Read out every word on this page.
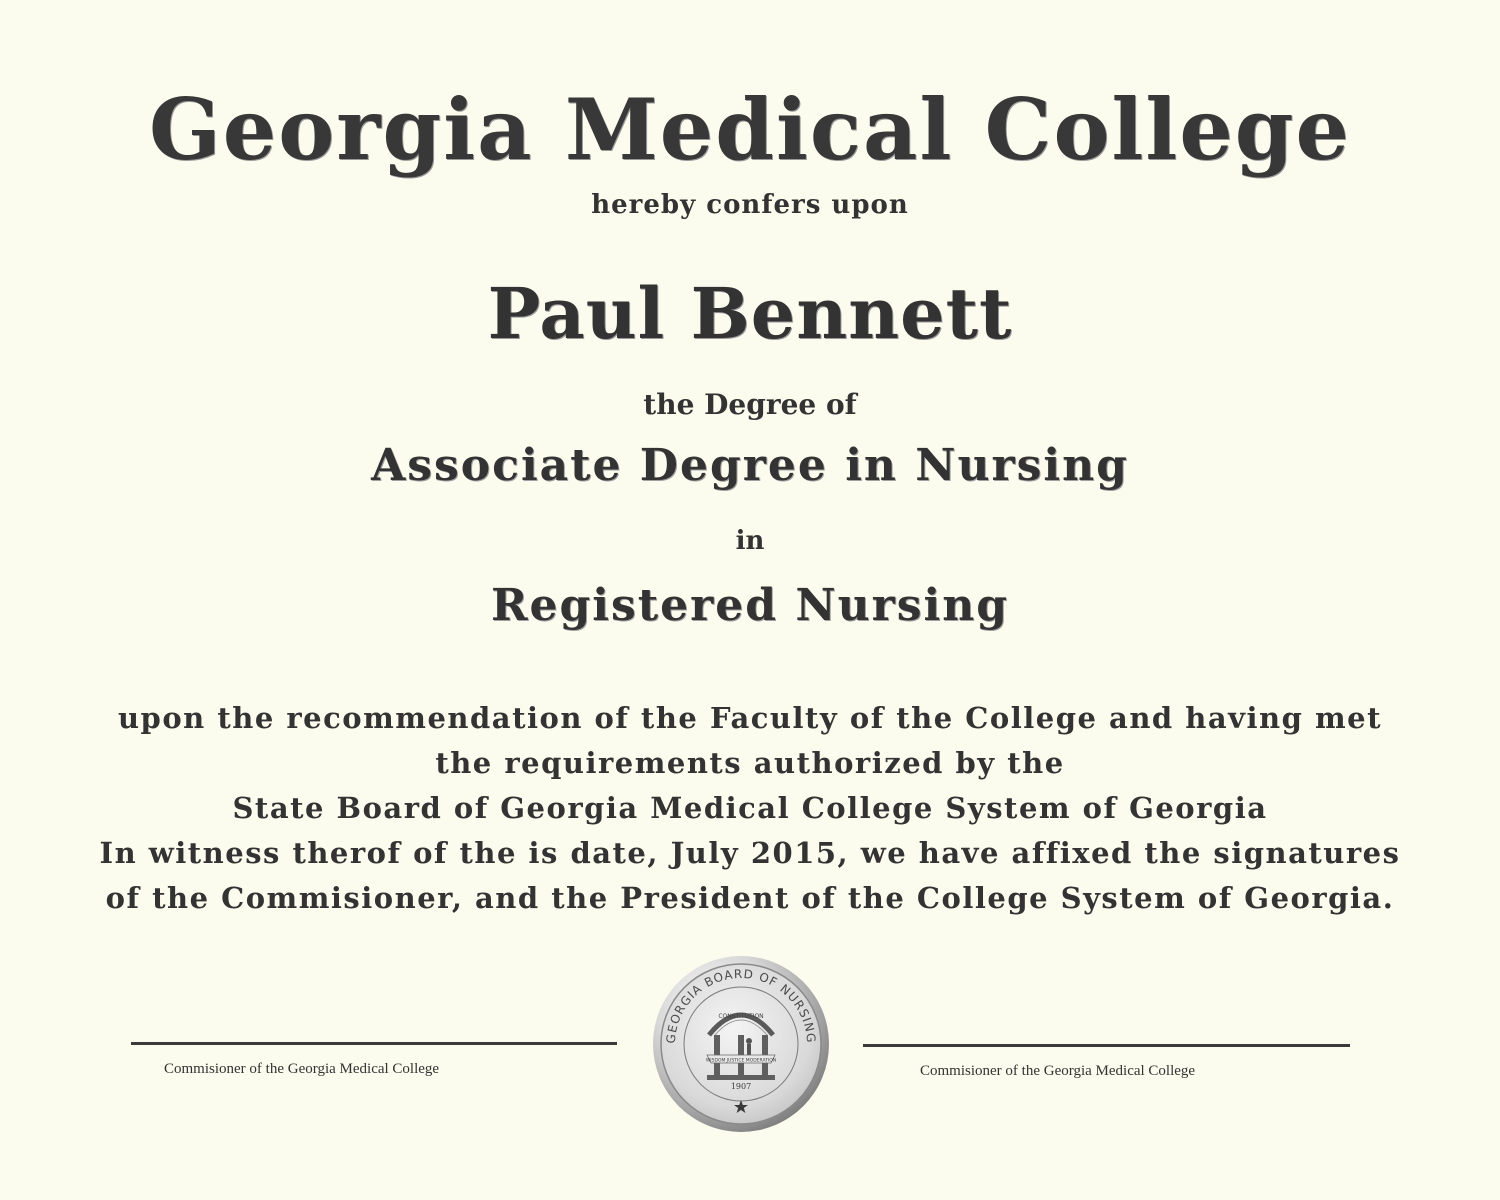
Georgia Medical College
hereby confers upon
Paul Bennett
the Degree of
Associate Degree in Nursing
in
Registered Nursing
upon the recommendation of the Faculty of the College and having met
the requirements authorized by the
State Board of Georgia Medical College System of Georgia
In witness therof of the is date, July 2015, we have affixed the signatures
of the Commisioner, and the President of the College System of Georgia.
Commisioner of the Georgia Medical College	Commisioner of the Georgia Medical College
GEORGIA BOARD OF NURSING
CONSTITUTION
WISDOM JUSTICE MODERATION
1907
